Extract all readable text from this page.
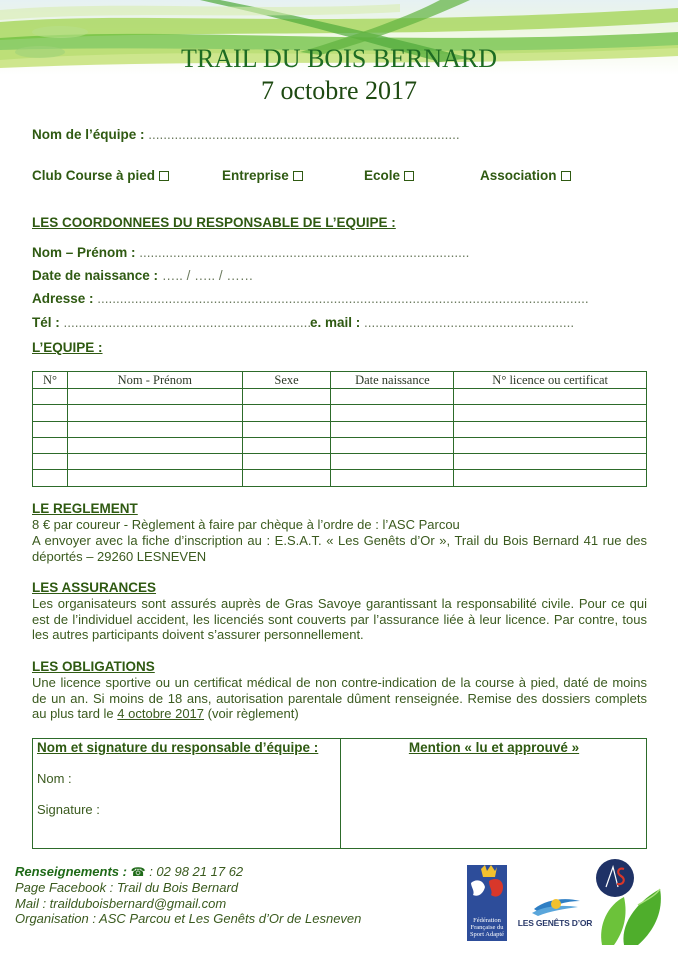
TRAIL DU BOIS BERNARD
7 octobre 2017
Nom de l’équipe : ...................................................................................
Club Course à pied	Entreprise	Ecole	Association
LES COORDONNEES DU RESPONSABLE DE L’EQUIPE :
Nom – Prénom : ........................................................................................
Date de naissance : ….. / ….. / ……
Adresse : ...................................................................................................................................
Tél : ..................................................................
e. mail : ........................................................
L’EQUIPE :
N°	Nom - Prénom	Sexe	Date naissance	N° licence ou certificat

LE REGLEMENT
8 € par coureur - Règlement à faire par chèque à l’ordre de : l’ASC Parcou
A envoyer avec la fiche d’inscription au : E.S.A.T. « Les Genêts d’Or », Trail du Bois Bernard 41 rue des déportés – 29260 LESNEVEN
LES ASSURANCES
Les organisateurs sont assurés auprès de Gras Savoye garantissant la responsabilité civile. Pour ce qui est de l’individuel accident, les licenciés sont couverts par l’assurance liée à leur licence. Par contre, tous les autres participants doivent s’assurer personnellement.
LES OBLIGATIONS
Une licence sportive ou un certificat médical de non contre-indication de la course à pied, daté de moins de un an. Si moins de 18 ans, autorisation parentale dûment renseignée. Remise des dossiers complets au plus tard le 4 octobre 2017 (voir règlement)
Nom et signature du responsable d’équipe :	Mention « lu et approuvé »
Nom :
Signature :
Renseignements : ☎ : 02 98 21 17 62
Page Facebook : Trail du Bois Bernard
Mail : trailduboisbernard@gmail.com
Organisation : ASC Parcou et Les Genêts d’Or de Lesneven	Fédération Française du Sport Adapté
LES GENÊTS D’OR
